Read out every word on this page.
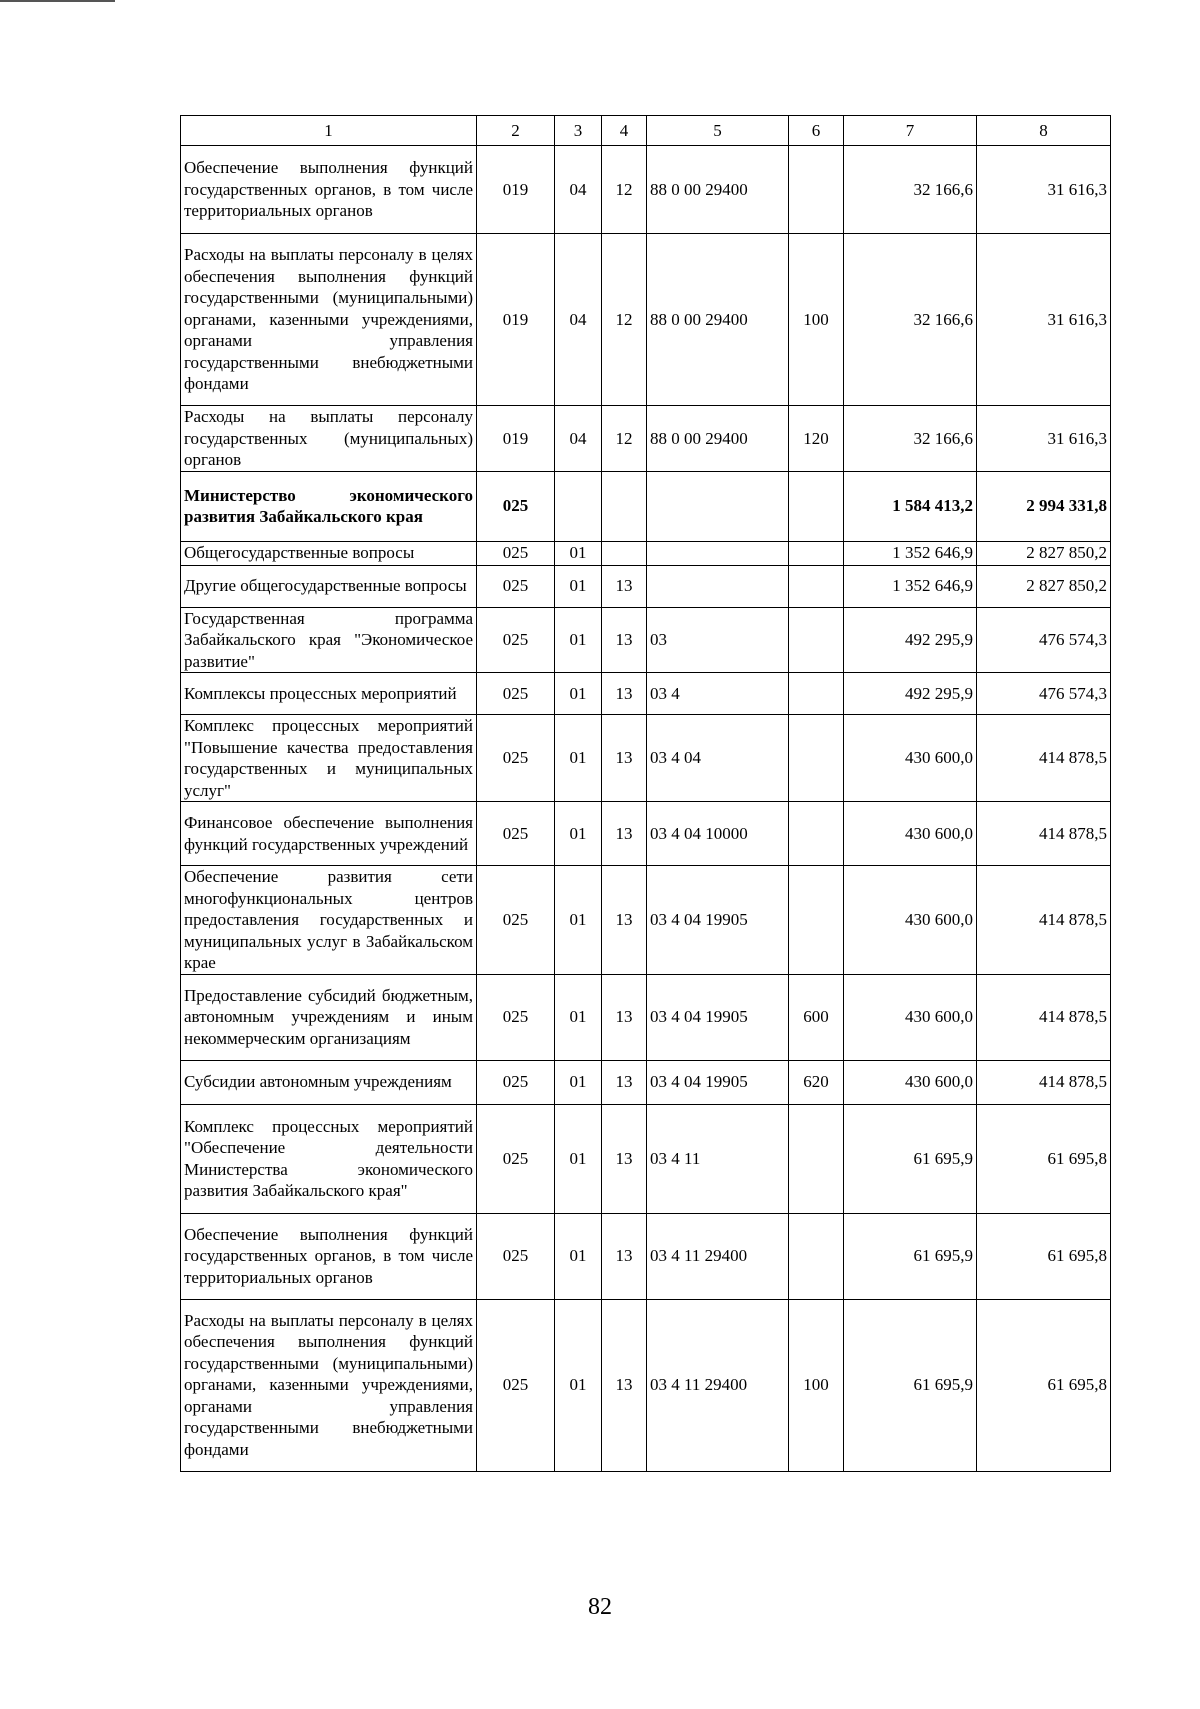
1	2	3	4	5	6	7	8
Обеспечение выполнения функций государственных органов, в том числе территориальных органов	019	04	12	88 0 00 29400		32 166,6	31 616,3
Расходы на выплаты персоналу в целях обеспечения выполнения функций государственными (муниципальными) органами, казенными учреждениями, органами управления государственными внебюджетными фондами	019	04	12	88 0 00 29400	100	32 166,6	31 616,3
Расходы на выплаты персоналу государственных (муниципальных) органов	019	04	12	88 0 00 29400	120	32 166,6	31 616,3
Министерство экономического развития Забайкальского края	025					1 584 413,2	2 994 331,8
Общегосударственные вопросы	025	01				1 352 646,9	2 827 850,2
Другие общегосударственные вопросы	025	01	13			1 352 646,9	2 827 850,2
Государственная программа Забайкальского края "Экономическое развитие"	025	01	13	03		492 295,9	476 574,3
Комплексы процессных мероприятий	025	01	13	03 4		492 295,9	476 574,3
Комплекс процессных мероприятий "Повышение качества предоставления государственных и муниципальных услуг"	025	01	13	03 4 04		430 600,0	414 878,5
Финансовое обеспечение выполнения функций государственных учреждений	025	01	13	03 4 04 10000		430 600,0	414 878,5
Обеспечение развития сети многофункциональных центров предоставления государственных и муниципальных услуг в Забайкальском крае	025	01	13	03 4 04 19905		430 600,0	414 878,5
Предоставление субсидий бюджетным, автономным учреждениям и иным некоммерческим организациям	025	01	13	03 4 04 19905	600	430 600,0	414 878,5
Субсидии автономным учреждениям	025	01	13	03 4 04 19905	620	430 600,0	414 878,5
Комплекс процессных мероприятий "Обеспечение деятельности Министерства экономического развития Забайкальского края"	025	01	13	03 4 11		61 695,9	61 695,8
Обеспечение выполнения функций государственных органов, в том числе территориальных органов	025	01	13	03 4 11 29400		61 695,9	61 695,8
Расходы на выплаты персоналу в целях обеспечения выполнения функций государственными (муниципальными) органами, казенными учреждениями, органами управления государственными внебюджетными фондами	025	01	13	03 4 11 29400	100	61 695,9	61 695,8
82
